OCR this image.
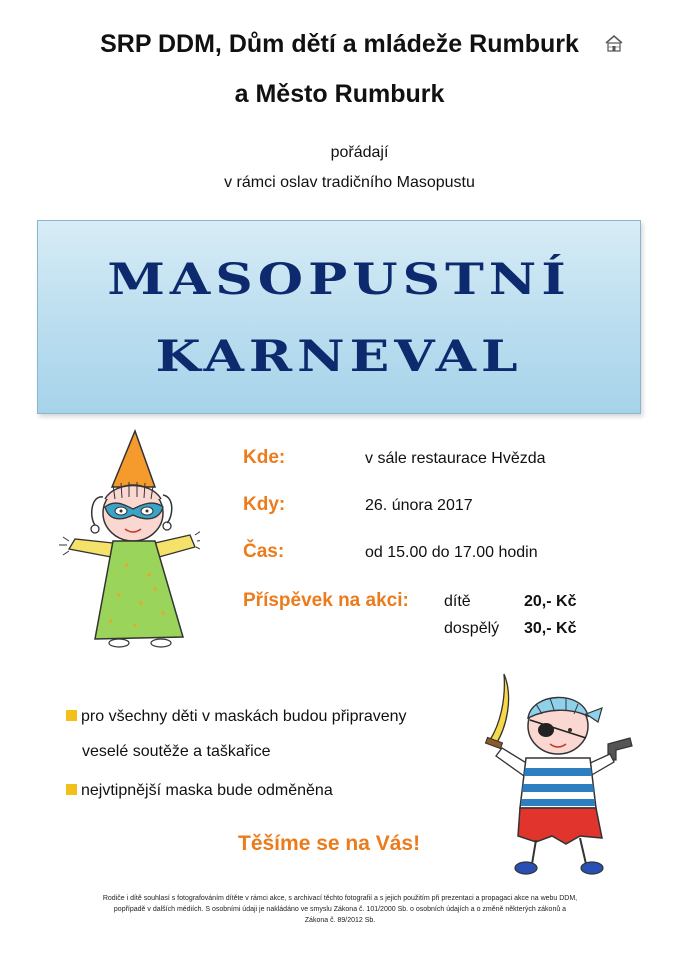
SRP DDM, Dům dětí a mládeže Rumburk
a Město Rumburk
pořádají
v rámci oslav tradičního Masopustu
MASOPUSTNÍ
KARNEVAL
Kde:	v sále restaurace Hvězda
Kdy:	26. února 2017
Čas:	od 15.00 do 17.00 hodin
Příspěvek na akci: dítě	20,- Kč
dospělý 30,- Kč
pro všechny děti v maskách budou připraveny
veselé soutěže a taškařice
nejvtipnější maska bude odměněna
Těšíme se na Vás!
Rodiče i dítě souhlasí s fotografováním dítěte v rámci akce, s archivací těchto fotografií a s jejich použitím při prezentaci a propagaci akce na webu DDM,
popřípadě v dalších médiích. S osobními údaji je nakládáno ve smyslu Zákona č. 101/2000 Sb. o osobních údajích a o změně některých zákonů a
Zákona č. 89/2012 Sb.
